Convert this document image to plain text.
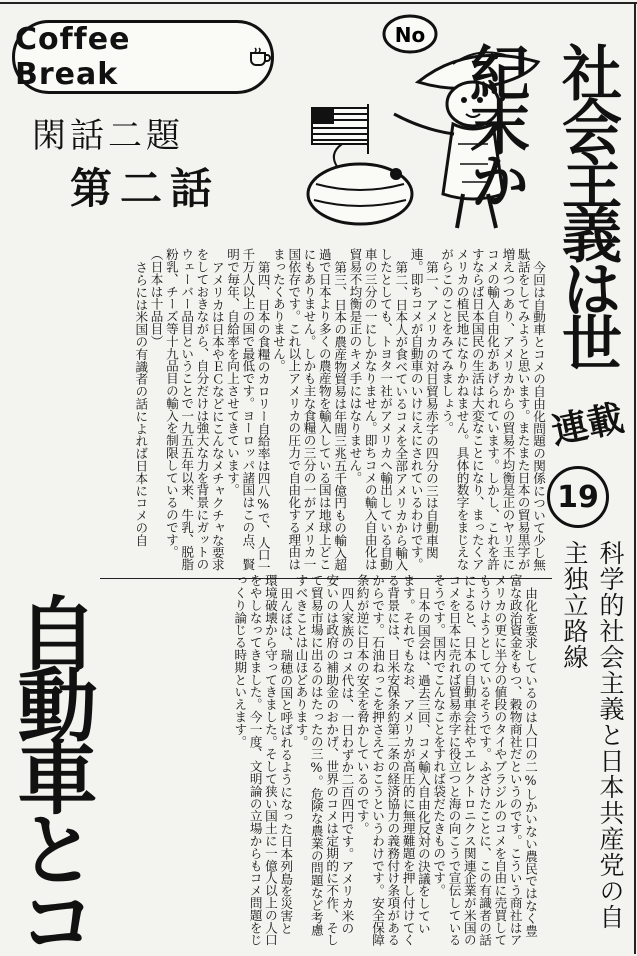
Coffee Break
閑話二題
第二話
No
社会主義は世紀末か
連載
19

今回は自動車とコメの自由化問題の関係について少し無駄話をしてみようと思います。またまた日本の貿易黒字が増えつつあり、アメリカからの貿易不均衡是正のヤリ玉にコメの輸入自由化があげられています。しかし、これを許すならば日本国民の生活は大変なことになり、まったくアメリカの植民地になりかねません。具体的数字をまじえながらこのことをみてみましょう。

第一、アメリカの対日貿易赤字の四分の三は自動車関連。即ちコメが自動車のいけにえにされているわけです。

第二、日本人が食べているコメを全部アメリカから輸入したとしても、トヨタ一社がアメリカへ輸出している自動車の三分の一にしかなりません。即ちコメの輸入自由化は貿易不均衡是正のキメ手にはなりません。

第三、日本の農産物貿易は年間三兆五千億円もの輸入超過で日本より多くの農産物を輸入している国は地球上どこにもありません。しかも主な食糧の三分の一がアメリカ一国依存です。これ以上アメリカの圧力で自由化する理由はまったくありません。

第四、日本の食糧のカロリー自給率は四八%で、人口一千万人以上の国で最低です。ヨーロッパ諸国はこの点、賢明で毎年、自給率を向上させてきています。

アメリカは日本やＥＣなどにこんなメチャクチャな要求をしておきながら、自分だけは強大な力を背景にガットのウェーバー品目ということで一九五五年以来、牛乳、脱脂粉乳、チーズ等十九品目の輸入を制限しているのです。（日本は十品目）

さらには米国の有識者の話によれば日本にコメの自

自動車とコ	科学的社会主義と日本共産党の自主独立路線

由化を要求しているのは人口の二%しかいない農民ではなく豊富な政治資金をもつ、穀物商社だというのです。こういう商社はアメリカの更に半分の値段のタイやブラジルのコメを自由に売買してもうけようとしているそうです。ふざけたことに、この有識者の話によると、日本の自動車会社やエレクトロニクス関連企業が米国のコメを日本に売れば貿易赤字に役立つと海の向こうで宣伝しているそうです。国内でこんなことをすれば袋だたきものです。

日本の国会は、過去三回、コメ輸入自由化反対の決議をしています。それでもなお、アメリカが高圧的に無理難題を押し付けてくる背景には、日米安保条約第二条の経済協力の義務付け条項があるからです。石油ねっこを押さえておこうというわけです。安全保障条約が逆に日本の安全を脅かしているのです。

四人家族のコメ代は、一日わずか二百四円です。アメリカ米の安いのは政府の補助金のおかげ、世界のコメは定期的に不作、そして貿易市場に出るのはたったの三%。危険な農業の問題など考慮すべきことは山ほどあります。

田んぼは、瑞穂の国と呼ばれるようになった日本列島を災害と環境破壊から守ってきました。そして狭い国土に一億人以上の人口をやしなってきました。今一度、文明論の立場からもコメ問題をじっくり論じる時期といえます。
